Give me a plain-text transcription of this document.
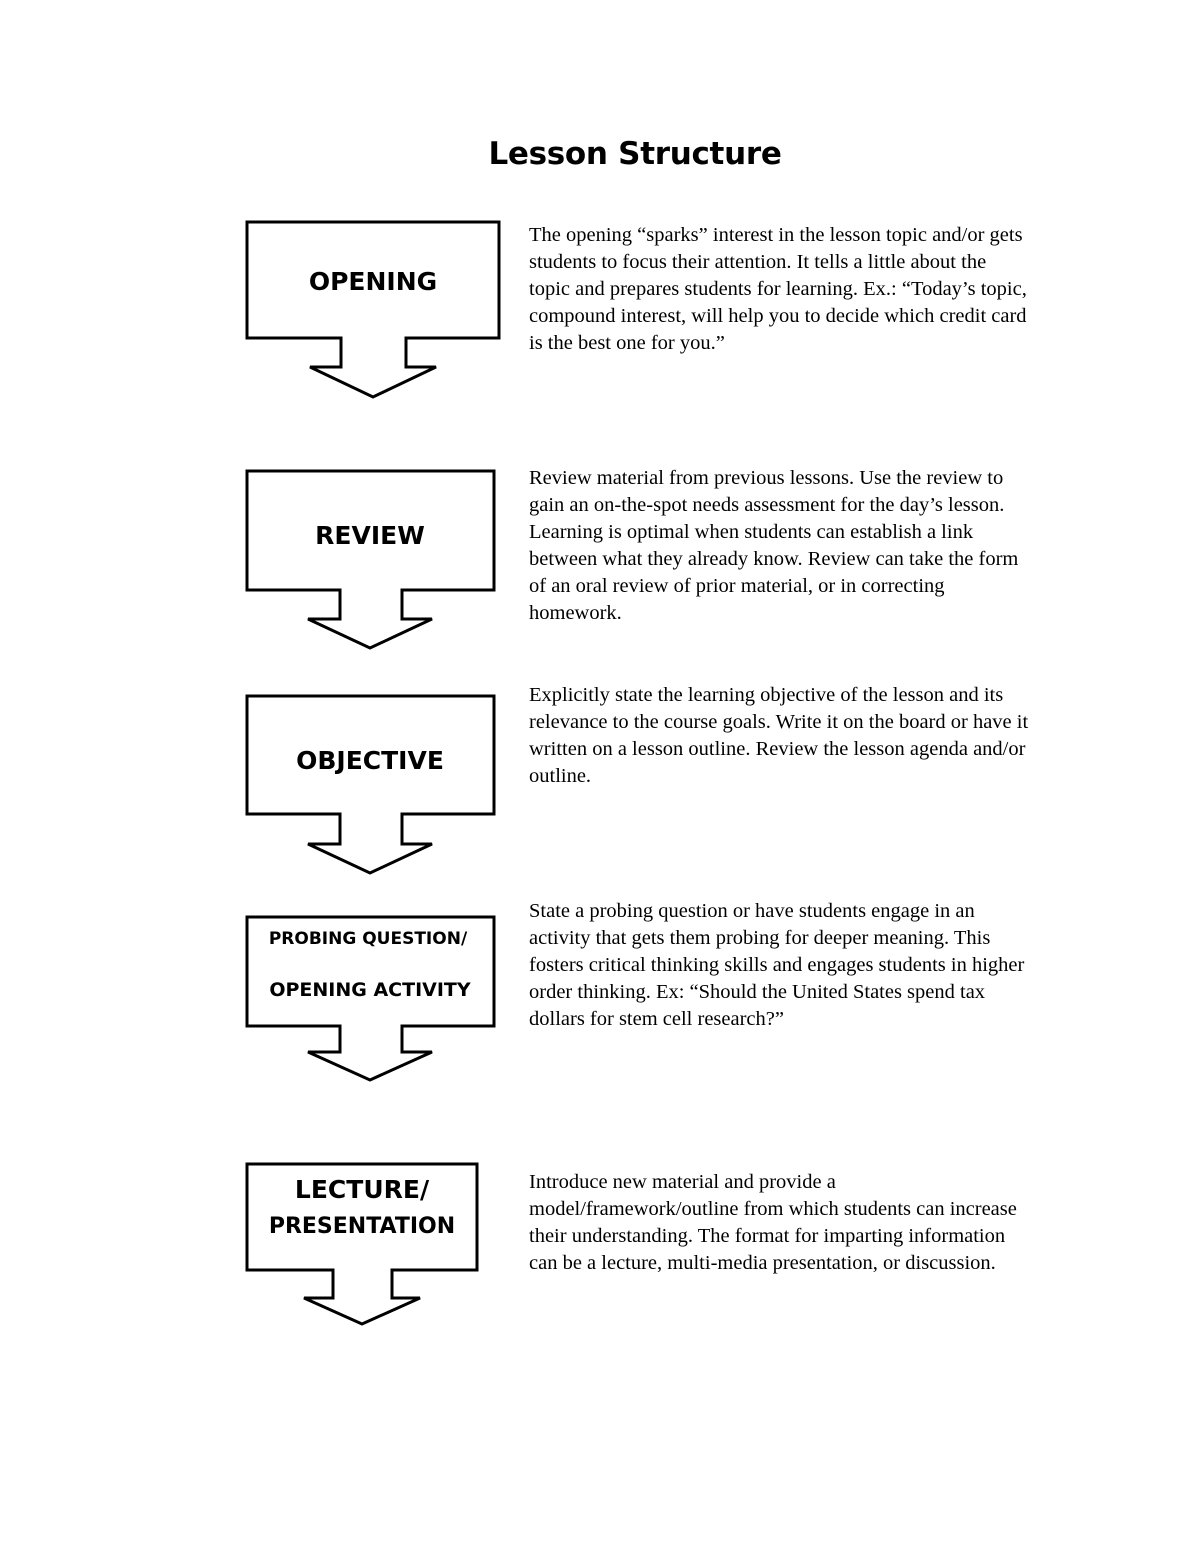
Lesson Structure
OPENING
REVIEW
OBJECTIVE
PROBING QUESTION/
OPENING ACTIVITY
LECTURE/
PRESENTATION

The opening “sparks” interest in the lesson topic and/or gets students to focus their attention. It tells a little about the topic and prepares students for learning. Ex.: “Today’s topic, compound interest, will help you to decide which credit card is the best one for you.”

Review material from previous lessons. Use the review to gain an on-the-spot needs assessment for the day’s lesson. Learning is optimal when students can establish a link between what they already know. Review can take the form of an oral review of prior material, or in correcting homework.

Explicitly state the learning objective of the lesson and its relevance to the course goals. Write it on the board or have it written on a lesson outline. Review the lesson agenda and/or outline.

State a probing question or have students engage in an activity that gets them probing for deeper meaning. This fosters critical thinking skills and engages students in higher order thinking. Ex: “Should the United States spend tax dollars for stem cell research?”

Introduce new material and provide a model/framework/outline from which students can increase their understanding. The format for imparting information can be a lecture, multi-media presentation, or discussion.
